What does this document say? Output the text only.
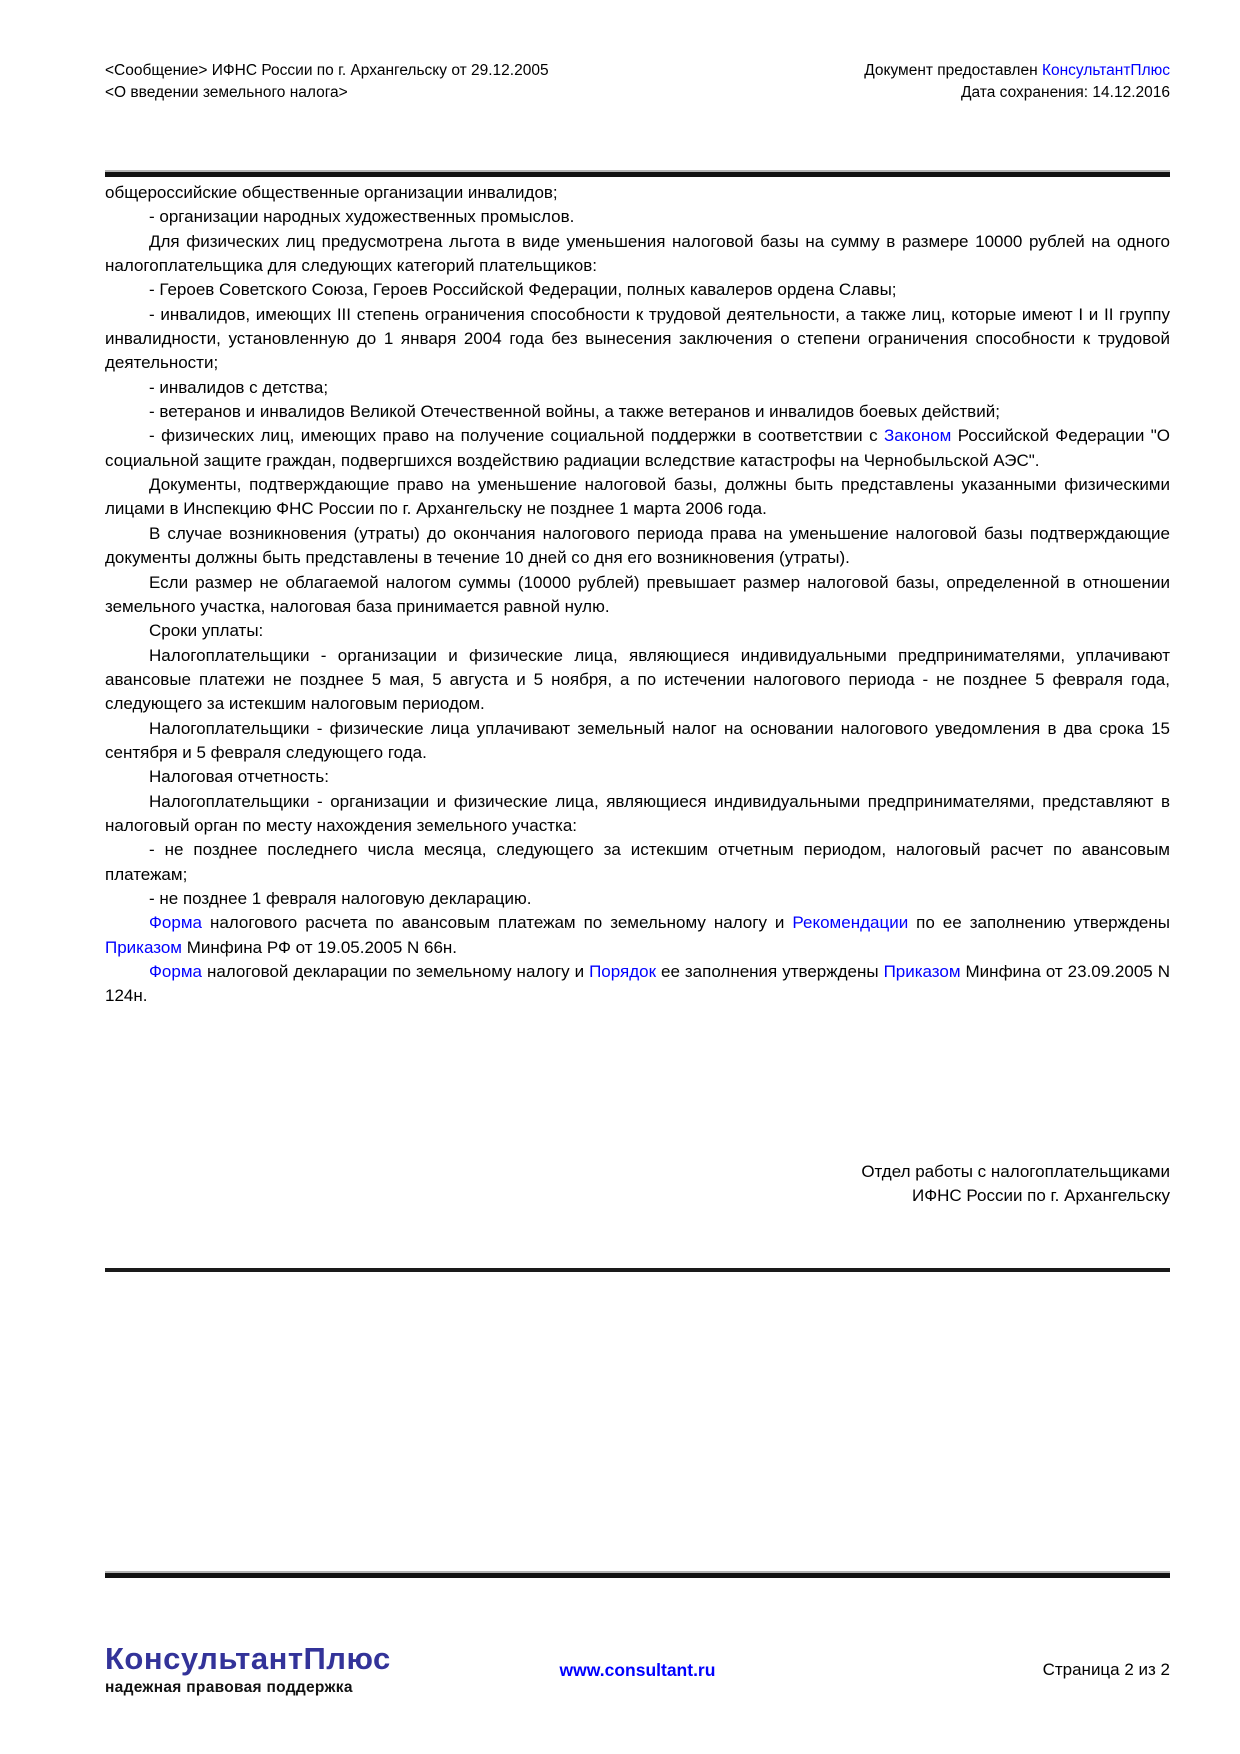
<Сообщение> ИФНС России по г. Архангельску от 29.12.2005
<О введении земельного налога>
Документ предоставлен КонсультантПлюс
Дата сохранения: 14.12.2016

общероссийские общественные организации инвалидов;

- организации народных художественных промыслов.

Для физических лиц предусмотрена льгота в виде уменьшения налоговой базы на сумму в размере 10000 рублей на одного налогоплательщика для следующих категорий плательщиков:

- Героев Советского Союза, Героев Российской Федерации, полных кавалеров ордена Славы;

- инвалидов, имеющих III степень ограничения способности к трудовой деятельности, а также лиц, которые имеют I и II группу инвалидности, установленную до 1 января 2004 года без вынесения заключения о степени ограничения способности к трудовой деятельности;

- инвалидов с детства;

- ветеранов и инвалидов Великой Отечественной войны, а также ветеранов и инвалидов боевых действий;

- физических лиц, имеющих право на получение социальной поддержки в соответствии с Законом Российской Федерации "О социальной защите граждан, подвергшихся воздействию радиации вследствие катастрофы на Чернобыльской АЭС".

Документы, подтверждающие право на уменьшение налоговой базы, должны быть представлены указанными физическими лицами в Инспекцию ФНС России по г. Архангельску не позднее 1 марта 2006 года.

В случае возникновения (утраты) до окончания налогового периода права на уменьшение налоговой базы подтверждающие документы должны быть представлены в течение 10 дней со дня его возникновения (утраты).

Если размер не облагаемой налогом суммы (10000 рублей) превышает размер налоговой базы, определенной в отношении земельного участка, налоговая база принимается равной нулю.

Сроки уплаты:

Налогоплательщики - организации и физические лица, являющиеся индивидуальными предпринимателями, уплачивают авансовые платежи не позднее 5 мая, 5 августа и 5 ноября, а по истечении налогового периода - не позднее 5 февраля года, следующего за истекшим налоговым периодом.

Налогоплательщики - физические лица уплачивают земельный налог на основании налогового уведомления в два срока 15 сентября и 5 февраля следующего года.

Налоговая отчетность:

Налогоплательщики - организации и физические лица, являющиеся индивидуальными предпринимателями, представляют в налоговый орган по месту нахождения земельного участка:

- не позднее последнего числа месяца, следующего за истекшим отчетным периодом, налоговый расчет по авансовым платежам;

- не позднее 1 февраля налоговую декларацию.

Форма налогового расчета по авансовым платежам по земельному налогу и Рекомендации по ее заполнению утверждены Приказом Минфина РФ от 19.05.2005 N 66н.

Форма налоговой декларации по земельному налогу и Порядок ее заполнения утверждены Приказом Минфина от 23.09.2005 N 124н.

Отдел работы с налогоплательщиками
ИФНС России по г. Архангельску
КонсультантПлюс
надежная правовая поддержка
www.consultant.ru	Страница 2 из 2
